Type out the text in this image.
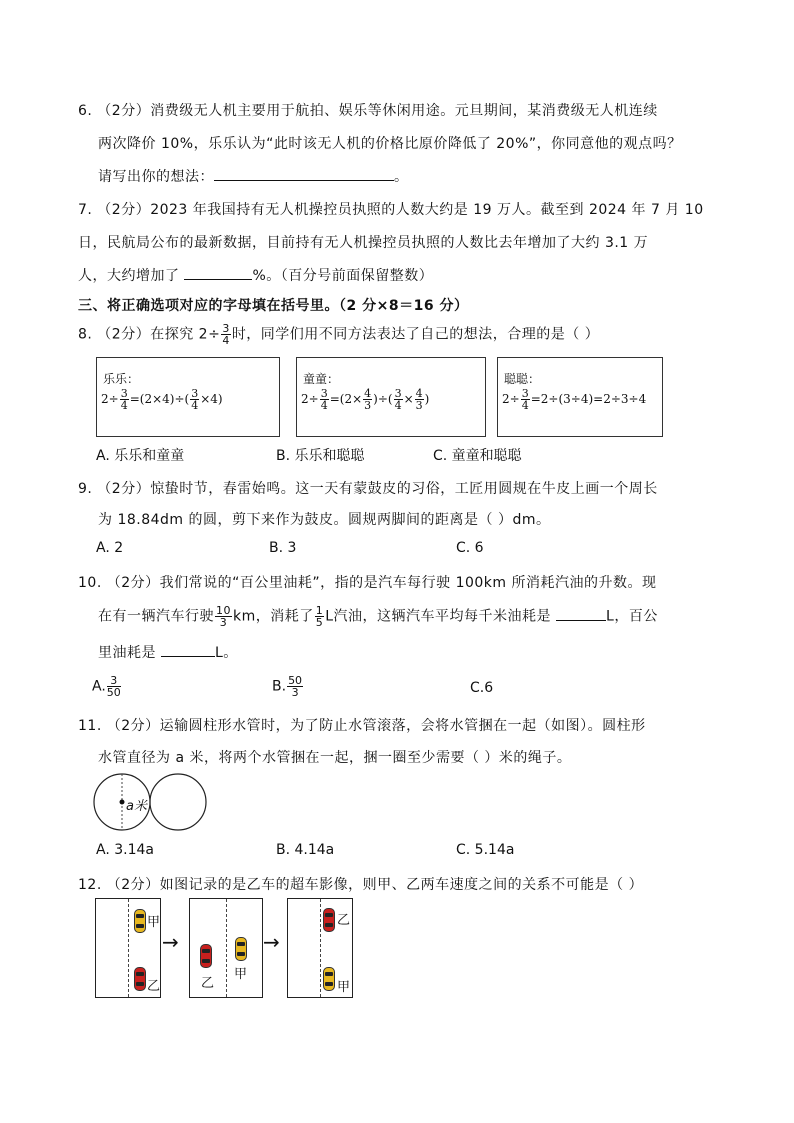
6. （2分）消费级无人机主要用于航拍、娱乐等休闲用途。元旦期间，某消费级无人机连续
两次降价 10%，乐乐认为“此时该无人机的价格比原价降低了 20%”，你同意他的观点吗？
请写出你的想法：	。
7. （2分）2023 年我国持有无人机操控员执照的人数大约是 19 万人。截至到 2024 年 7 月 10
日，民航局公布的最新数据，目前持有无人机操控员执照的人数比去年增加了大约 3.1 万
人，大约增加了	%。（百分号前面保留整数）
三、将正确选项对应的字母填在括号里。（2 分×8＝16 分）
8. （2分）在探究 $2\div \frac{3}{4}$ 时，同学们用不同方法表达了自己的想法，合理的是（ ）
乐乐：
$2\div \frac{3}{4} =(2\times 4)\div( \frac{3}{4} \times 4)$
童童：
$2\div \frac{3}{4} =(2\times \frac{4}{3}$ )÷( $\frac{3}{4} \times \frac{4}{3}$ )
聪聪：
$2\div \frac{3}{4} =2\div(3\div 4)=2\div 3\div 4$
A. 乐乐和童童	B. 乐乐和聪聪	C. 童童和聪聪
9. （2分）惊蛰时节，春雷始鸣。这一天有蒙鼓皮的习俗，工匠用圆规在牛皮上画一个周长
为 18.84dm 的圆，剪下来作为鼓皮。圆规两脚间的距离是（ ）dm。
A. 2	B. 3	C. 6
10. （2分）我们常说的“百公里油耗”，指的是汽车每行驶 100km 所消耗汽油的升数。现
在有一辆汽车行驶 $\frac{10}{3}$ km，消耗了 $\frac{1}{5}$ L汽油，这辆汽车平均每千米油耗是	L，百公
里油耗是	L。
A. $\frac{3}{50}$	B. $\frac{50}{3}$	C.6
11. （2分）运输圆柱形水管时，为了防止水管滚落，会将水管捆在一起（如图）。圆柱形
水管直径为 a 米，将两个水管捆在一起，捆一圈至少需要（ ）米的绳子。
a米
A. 3.14a	B. 4.14a	C. 5.14a
12. （2分）如图记录的是乙车的超车影像，则甲、乙两车速度之间的关系不可能是（ ）
甲
乙
→
乙
甲
→
乙
甲
